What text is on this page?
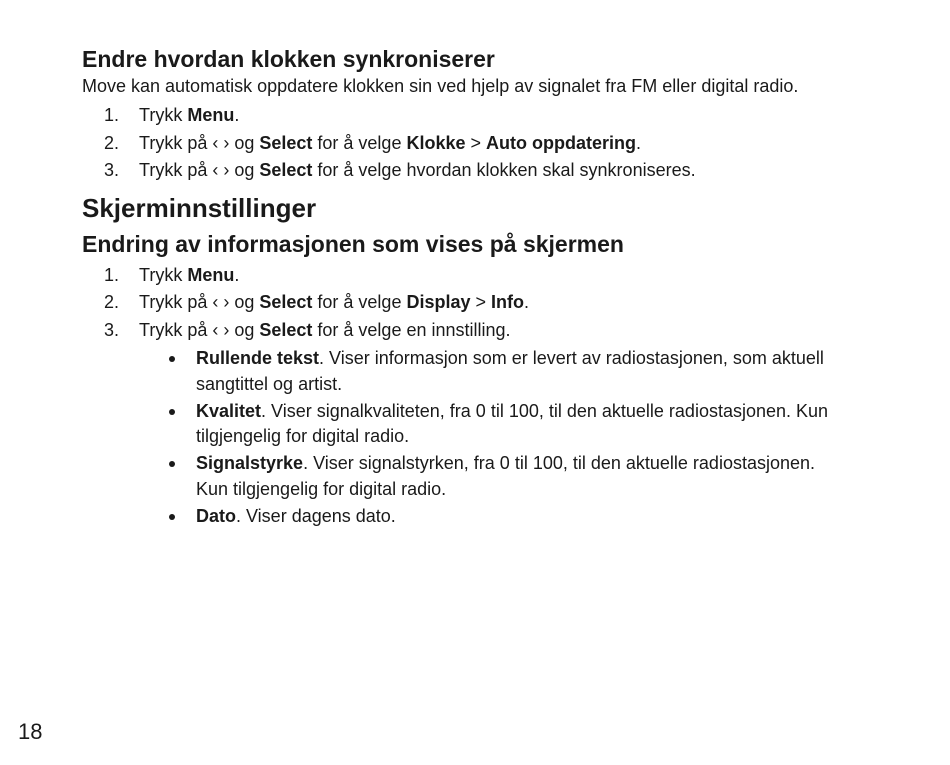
Endre hvordan klokken synkroniserer

Move kan automatisk oppdatere klokken sin ved hjelp av signalet fra FM eller digital radio.

1. Trykk Menu.
2. Trykk på ‹ › og Select for å velge Klokke > Auto oppdatering.
3. Trykk på ‹ › og Select for å velge hvordan klokken skal synkroniseres.
Skjerminnstillinger
Endring av informasjonen som vises på skjermen
1. Trykk Menu.
2. Trykk på ‹ › og Select for å velge Display > Info.
3. Trykk på ‹ › og Select for å velge en innstilling.
Rullende tekst. Viser informasjon som er levert av radiostasjonen, som aktuell sangtittel og artist.
Kvalitet. Viser signalkvaliteten, fra 0 til 100, til den aktuelle radiostasjonen. Kun tilgjengelig for digital radio.
Signalstyrke. Viser signalstyrken, fra 0 til 100, til den aktuelle radiostasjonen. Kun tilgjengelig for digital radio.
Dato. Viser dagens dato.
18
